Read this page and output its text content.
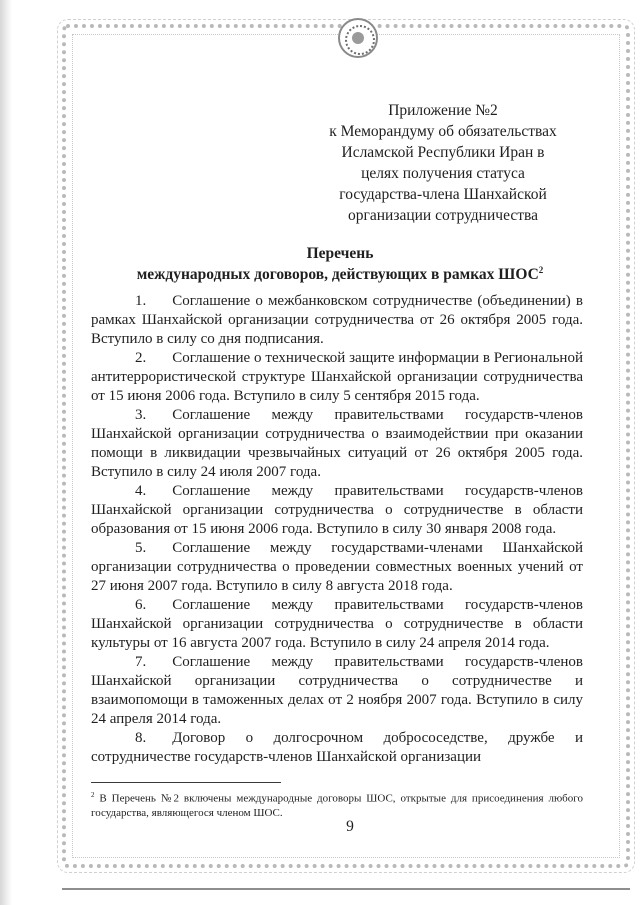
Приложение №2
к Меморандуму об обязательствах
Исламской Республики Иран в
целях получения статуса
государства-члена Шанхайской
организации сотрудничества
Перечень
международных договоров, действующих в рамках ШОС$^2$

1. Соглашение о межбанковском сотрудничестве (объединении) в рамках Шанхайской организации сотрудничества от 26 октября 2005 года. Вступило в силу со дня подписания.

2. Соглашение о технической защите информации в Региональной антитеррористической структуре Шанхайской организации сотрудничества от 15 июня 2006 года. Вступило в силу 5 сентября 2015 года.

3. Соглашение между правительствами государств-членов Шанхайской организации сотрудничества о взаимодействии при оказании помощи в ликвидации чрезвычайных ситуаций от 26 октября 2005 года. Вступило в силу 24 июля 2007 года.

4. Соглашение между правительствами государств-членов Шанхайской организации сотрудничества о сотрудничестве в области образования от 15 июня 2006 года. Вступило в силу 30 января 2008 года.

5. Соглашение между государствами-членами Шанхайской организации сотрудничества о проведении совместных военных учений от 27 июня 2007 года. Вступило в силу 8 августа 2018 года.

6. Соглашение между правительствами государств-членов Шанхайской организации сотрудничества о сотрудничестве в области культуры от 16 августа 2007 года. Вступило в силу 24 апреля 2014 года.

7. Соглашение между правительствами государств-членов Шанхайской организации сотрудничества о сотрудничестве и взаимопомощи в таможенных делах от 2 ноября 2007 года. Вступило в силу 24 апреля 2014 года.

8. Договор о долгосрочном добрососедстве, дружбе и сотрудничестве государств-членов Шанхайской организации

$^2$ В Перечень №2 включены международные договоры ШОС, открытые для присоединения любого государства, являющегося членом ШОС.
9
